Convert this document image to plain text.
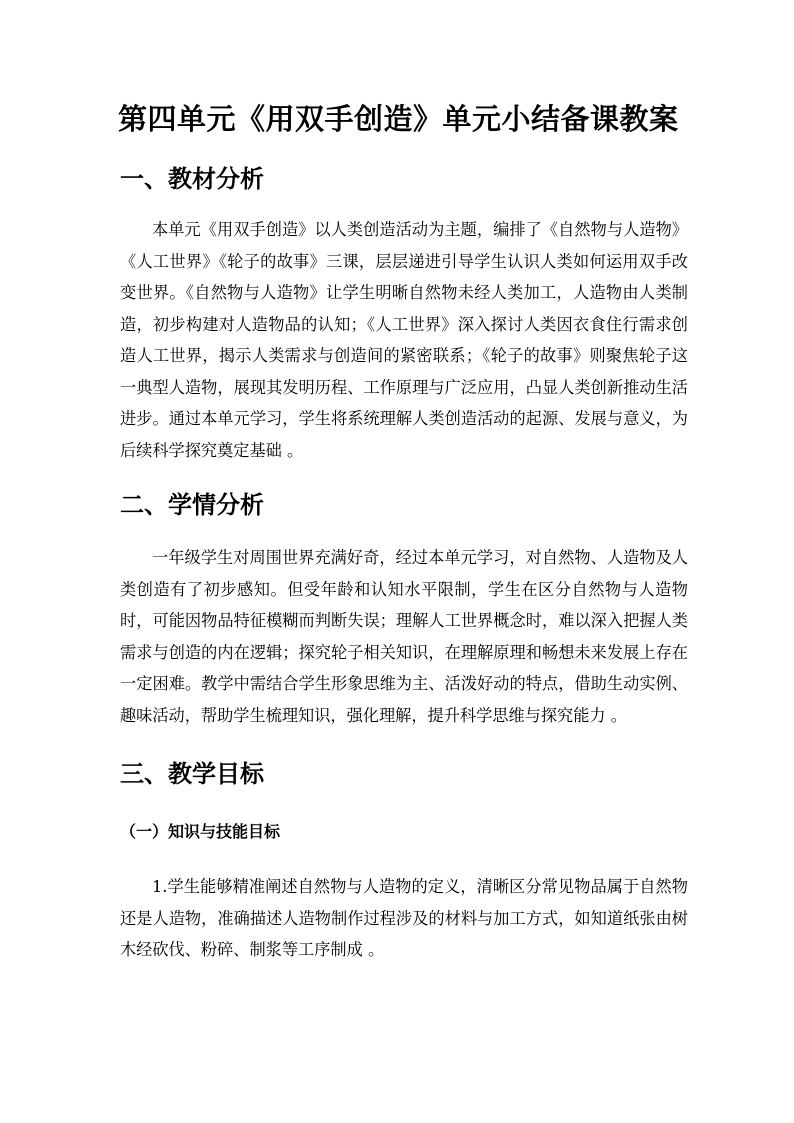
第四单元《用双手创造》单元小结备课教案
一、教材分析
本单元《用双手创造》以人类创造活动为主题，编排了《自然物与人造物》《人工世界》《轮子的故事》三课，层层递进引导学生认识人类如何运用双手改变世界。《自然物与人造物》让学生明晰自然物未经人类加工，人造物由人类制造，初步构建对人造物品的认知；《人工世界》深入探讨人类因衣食住行需求创造人工世界，揭示人类需求与创造间的紧密联系；《轮子的故事》则聚焦轮子这一典型人造物，展现其发明历程、工作原理与广泛应用，凸显人类创新推动生活进步。通过本单元学习，学生将系统理解人类创造活动的起源、发展与意义，为后续科学探究奠定基础 。
二、学情分析
一年级学生对周围世界充满好奇，经过本单元学习，对自然物、人造物及人类创造有了初步感知。但受年龄和认知水平限制，学生在区分自然物与人造物时，可能因物品特征模糊而判断失误；理解人工世界概念时，难以深入把握人类需求与创造的内在逻辑；探究轮子相关知识，在理解原理和畅想未来发展上存在一定困难。教学中需结合学生形象思维为主、活泼好动的特点，借助生动实例、趣味活动，帮助学生梳理知识，强化理解，提升科学思维与探究能力 。
三、教学目标
（一）知识与技能目标
1.学生能够精准阐述自然物与人造物的定义，清晰区分常见物品属于自然物还是人造物，准确描述人造物制作过程涉及的材料与加工方式，如知道纸张由树木经砍伐、粉碎、制浆等工序制成 。
